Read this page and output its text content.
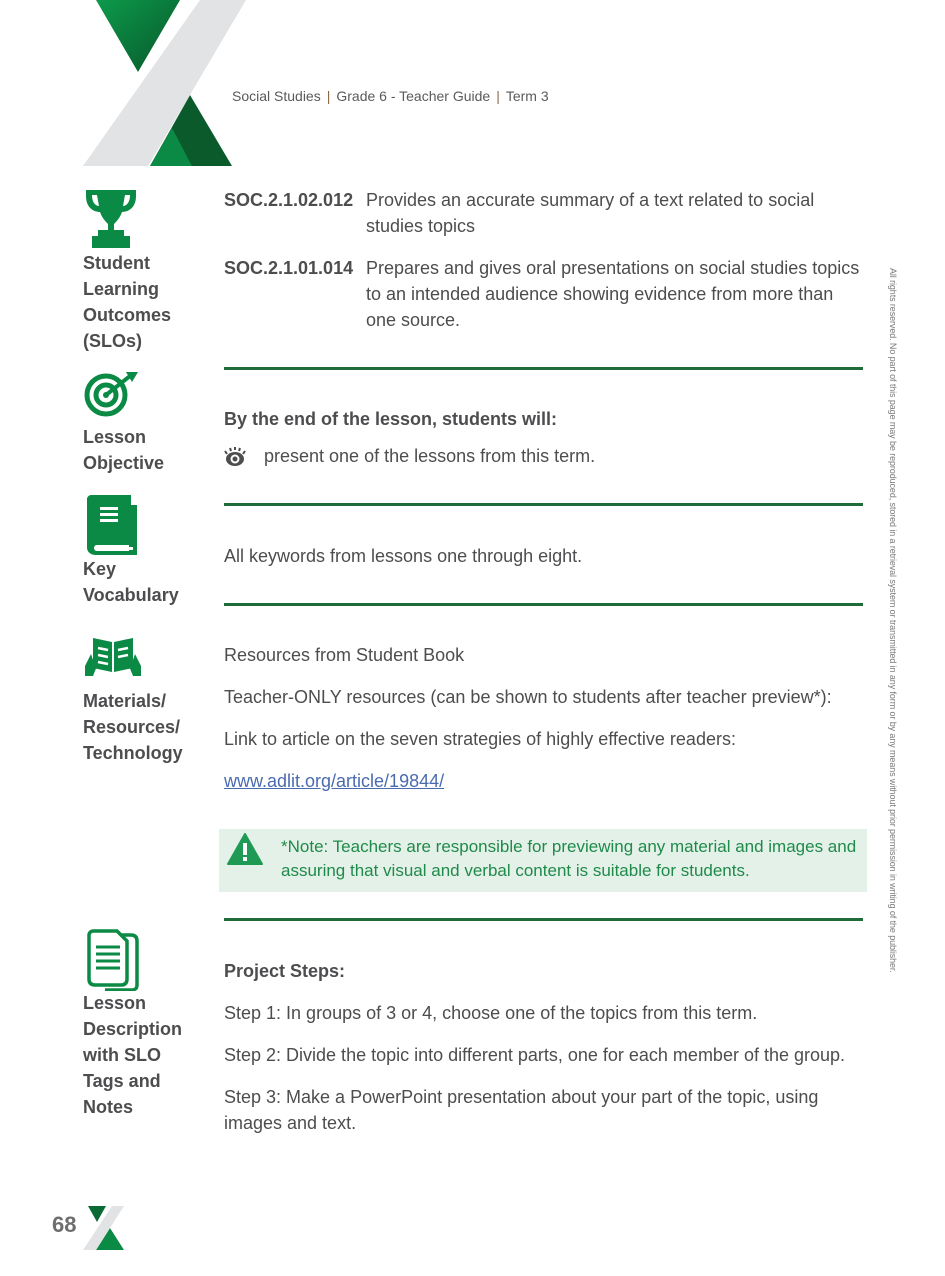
Social Studies | Grade 6 - Teacher Guide | Term 3
Student
Learning
Outcomes
(SLOs)
SOC.2.1.02.012 Provides an accurate summary of a text related to social studies topics
SOC.2.1.01.014 Prepares and gives oral presentations on social studies topics to an intended audience showing evidence from more than one source.
Lesson
Objective
By the end of the lesson, students will:
present one of the lessons from this term.
Key
Vocabulary
All keywords from lessons one through eight.
Materials/
Resources/
Technology
Resources from Student Book
Teacher-ONLY resources (can be shown to students after teacher preview*):
Link to article on the seven strategies of highly effective readers:
www.adlit.org/article/19844/
*Note: Teachers are responsible for previewing any material and images and assuring that visual and verbal content is suitable for students.
Lesson
Description
with SLO
Tags and
Notes
Project Steps:
Step 1: In groups of 3 or 4, choose one of the topics from this term.
Step 2: Divide the topic into different parts, one for each member of the group.
Step 3: Make a PowerPoint presentation about your part of the topic, using images and text.
All rights reserved. No part of this page may be reproduced, stored in a retrieval system or transmitted in any form or by any means without prior permission in writing of the publisher.
68
